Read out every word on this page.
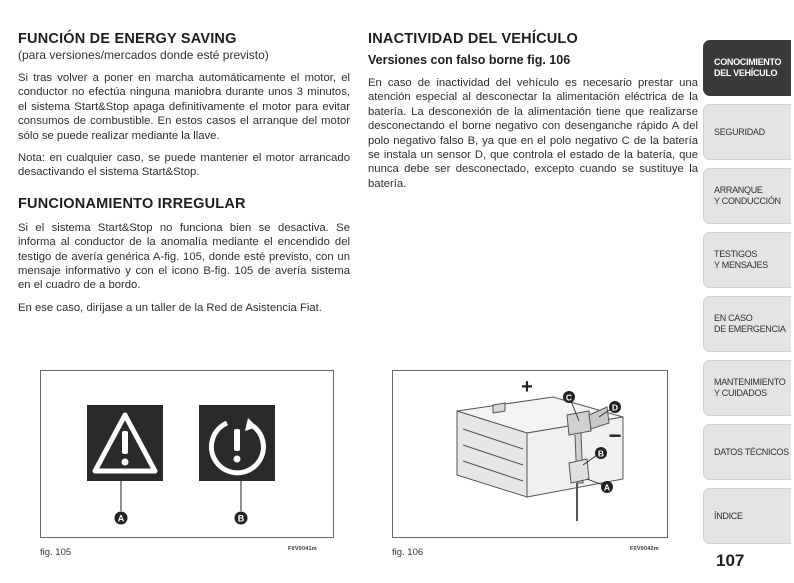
FUNCIÓN DE ENERGY SAVING
(para versiones/mercados donde esté previsto)

Si tras volver a poner en marcha automáticamente el motor, el conductor no efectúa ninguna maniobra durante unos 3 minutos, el sistema Start&Stop apaga definitivamente el motor para evitar consumos de combustible. En estos casos el arranque del motor sólo se puede realizar mediante la llave.

Nota: en cualquier caso, se puede mantener el motor arrancado desactivando el sistema Start&Stop.

FUNCIONAMIENTO IRREGULAR

Si el sistema Start&Stop no funciona bien se desactiva. Se informa al conductor de la anomalía mediante el encendido del testigo de avería genérica A-fig. 105, donde esté previsto, con un mensaje informativo y con el icono B-fig. 105 de avería sistema en el cuadro de a bordo.

En ese caso, diríjase a un taller de la Red de Asistencia Fiat.

INACTIVIDAD DEL VEHÍCULO
Versiones con falso borne fig. 106

En caso de inactividad del vehículo es necesario prestar una atención especial al desconectar la alimentación eléctrica de la batería. La desconexión de la alimentación tiene que realizarse desconectando el borne negativo con desenganche rápido A del polo negativo falso B, ya que en el polo negativo C de la batería se instala un sensor D, que controla el estado de la batería, que nunca debe ser desconectado, excepto cuando se sustituye la batería.

A	B
fig. 105	F0V0041m
+
−
C
D
B
A
fig. 106	F0V0042m
CONOCIMIENTO
DEL VEHÍCULO
SEGURIDAD
ARRANQUE
Y CONDUCCIÓN
TESTIGOS
Y MENSAJES
EN CASO
DE EMERGENCIA
MANTENIMIENTO
Y CUIDADOS
DATOS TÉCNICOS
ÍNDICE
107
